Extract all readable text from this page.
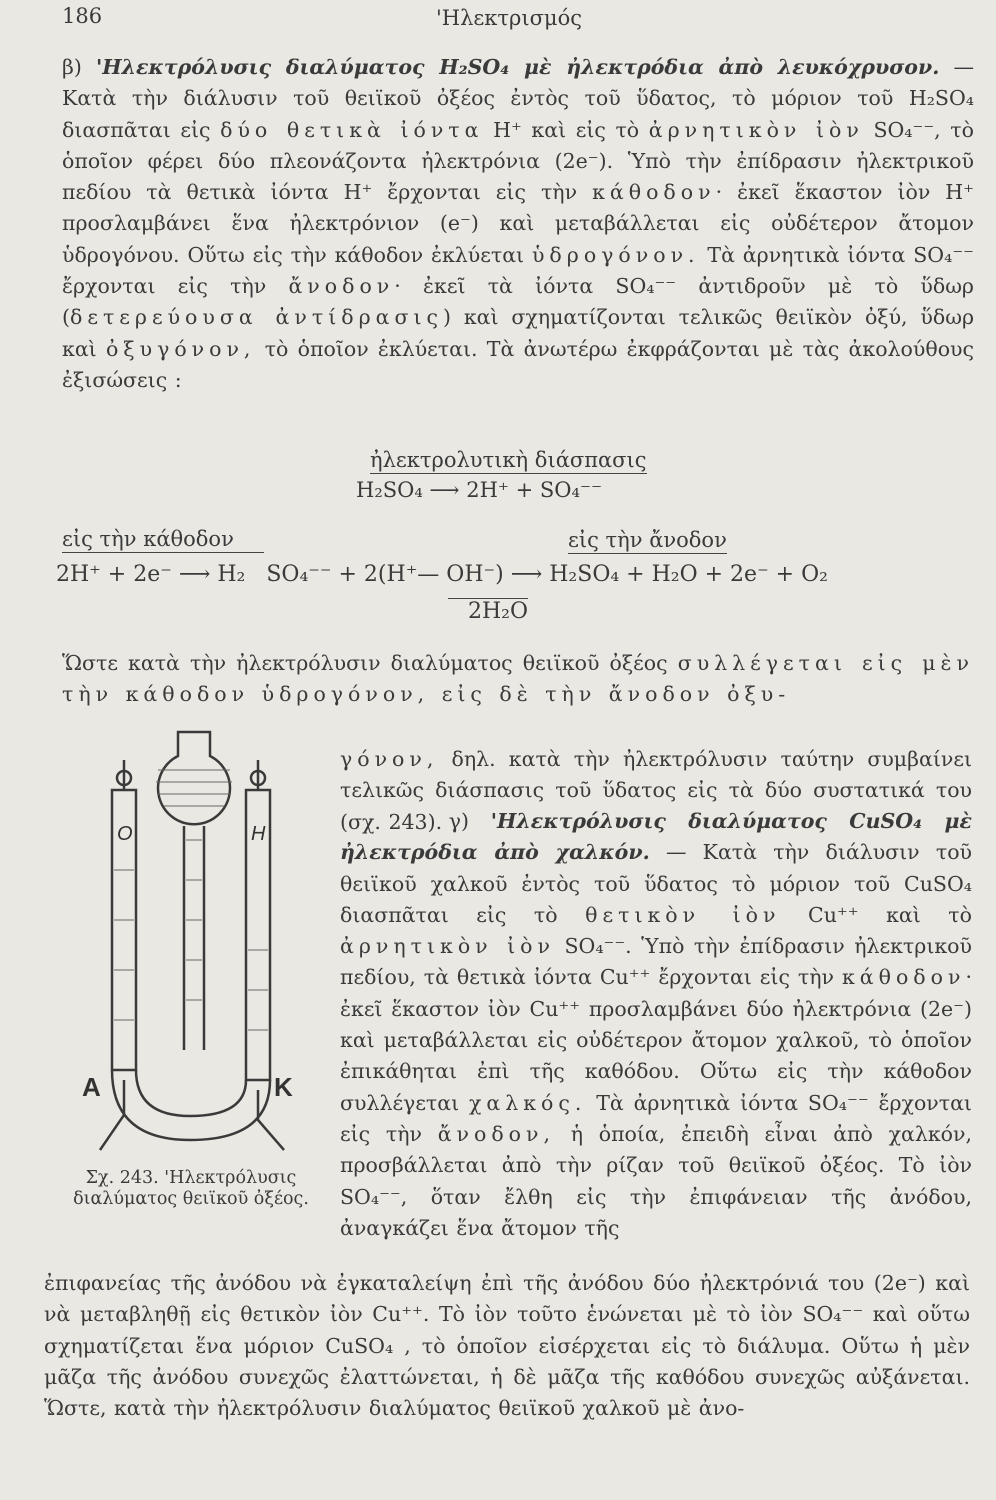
186	'Ηλεκτρισμός
β) 'Ηλεκτρόλυσις διαλύματος H₂SO₄ μὲ ἠλεκτρόδια ἀπὸ λευκόχρυσον. — Κατὰ τὴν διάλυσιν τοῦ θειϊκοῦ ὀξέος ἐντὸς τοῦ ὕδατος, τὸ μόριον τοῦ H₂SO₄ διασπᾶται εἰς δύο θετικὰ ἰόντα H⁺ καὶ εἰς τὸ ἀρνητικὸν ἰὸν SO₄⁻⁻, τὸ ὁποῖον φέρει δύο πλεονάζοντα ἠλεκτρόνια (2e⁻). Ὑπὸ τὴν ἐπίδρασιν ἠλεκτρικοῦ πεδίου τὰ θετικὰ ἰόντα H⁺ ἔρχονται εἰς τὴν κάθοδον· ἐκεῖ ἕκαστον ἰὸν H⁺ προσλαμβάνει ἕνα ἠλεκτρόνιον (e⁻) καὶ μεταβάλλεται εἰς οὐδέτερον ἄτομον ὑδρογόνου. Οὕτω εἰς τὴν κάθοδον ἐκλύεται ὑδρογόνον. Τὰ ἀρνητικὰ ἰόντα SO₄⁻⁻ ἔρχονται εἰς τὴν ἄνοδον· ἐκεῖ τὰ ἰόντα SO₄⁻⁻ ἀντιδροῦν μὲ τὸ ὕδωρ (δετερεύουσα ἀντίδρασις) καὶ σχηματίζονται τελικῶς θειϊκὸν ὀξύ, ὕδωρ καὶ ὀξυγόνον, τὸ ὁποῖον ἐκλύεται. Τὰ ἀνωτέρω ἐκφράζονται μὲ τὰς ἀκολούθους ἐξισώσεις :
ἠλεκτρολυτικὴ διάσπασις
H₂SO₄ ⟶ 2H⁺ + SO₄⁻⁻
εἰς τὴν κάθοδον	εἰς τὴν ἄνοδον
2H⁺ + 2e⁻ ⟶ H₂ SO₄⁻⁻ + 2(H⁺— OH⁻) ⟶ H₂SO₄ + H₂O + 2e⁻ + O₂
2H₂O
Ὥστε κατὰ τὴν ἠλεκτρόλυσιν διαλύματος θειϊκοῦ ὀξέος συλλέγεται εἰς μὲν τὴν κάθοδον ὑδρογόνον, εἰς δὲ τὴν ἄνοδον ὀξυ-
γόνον, δηλ. κατὰ τὴν ἠλεκτρόλυσιν ταύτην συμβαίνει τελικῶς διάσπασις τοῦ ὕδατος εἰς τὰ δύο συστατικά του (σχ. 243). γ) 'Ηλεκτρόλυσις διαλύματος CuSO₄ μὲ ἠλεκτρόδια ἀπὸ χαλκόν. — Κατὰ τὴν διάλυσιν τοῦ θειϊκοῦ χαλκοῦ ἐντὸς τοῦ ὕδατος τὸ μόριον τοῦ CuSO₄ διασπᾶται εἰς τὸ θετικὸν ἰὸν Cu⁺⁺ καὶ τὸ ἀρνητικὸν ἰὸν SO₄⁻⁻. Ὑπὸ τὴν ἐπίδρασιν ἠλεκτρικοῦ πεδίου, τὰ θετικὰ ἰόντα Cu⁺⁺ ἔρχονται εἰς τὴν κάθοδον· ἐκεῖ ἕκαστον ἰὸν Cu⁺⁺ προσλαμβάνει δύο ἠλεκτρόνια (2e⁻) καὶ μεταβάλλεται εἰς οὐδέτερον ἄτομον χαλκοῦ, τὸ ὁποῖον ἐπικάθηται ἐπὶ τῆς καθόδου. Οὕτω εἰς τὴν κάθοδον συλλέγεται χαλκός. Τὰ ἀρνητικὰ ἰόντα SO₄⁻⁻ ἔρχονται εἰς τὴν ἄνοδον, ἡ ὁποία, ἐπειδὴ εἶναι ἀπὸ χαλκόν, προσβάλλεται ἀπὸ τὴν ρίζαν τοῦ θειϊκοῦ ὀξέος. Τὸ ἰὸν SO₄⁻⁻, ὅταν ἔλθη εἰς τὴν ἐπιφάνειαν τῆς ἀνόδου, ἀναγκάζει ἕνα ἄτομον τῆς
ἐπιφανείας τῆς ἀνόδου νὰ ἐγκαταλείψη ἐπὶ τῆς ἀνόδου δύο ἠλεκτρόνιά του (2e⁻) καὶ νὰ μεταβληθῇ εἰς θετικὸν ἰὸν Cu⁺⁺. Τὸ ἰὸν τοῦτο ἑνώνεται μὲ τὸ ἰὸν SO₄⁻⁻ καὶ οὕτω σχηματίζεται ἕνα μόριον CuSO₄ , τὸ ὁποῖον εἰσέρχεται εἰς τὸ διάλυμα. Οὕτω ἡ μὲν μᾶζα τῆς ἀνόδου συνεχῶς ἐλαττώνεται, ἡ δὲ μᾶζα τῆς καθόδου συνεχῶς αὐξάνεται. Ὥστε, κατὰ τὴν ἠλεκτρόλυσιν διαλύματος θειϊκοῦ χαλκοῦ μὲ ἀνο-
O	H
A	K
Σχ. 243. 'Ηλεκτρόλυσις διαλύματος θειϊκοῦ ὀξέος.
